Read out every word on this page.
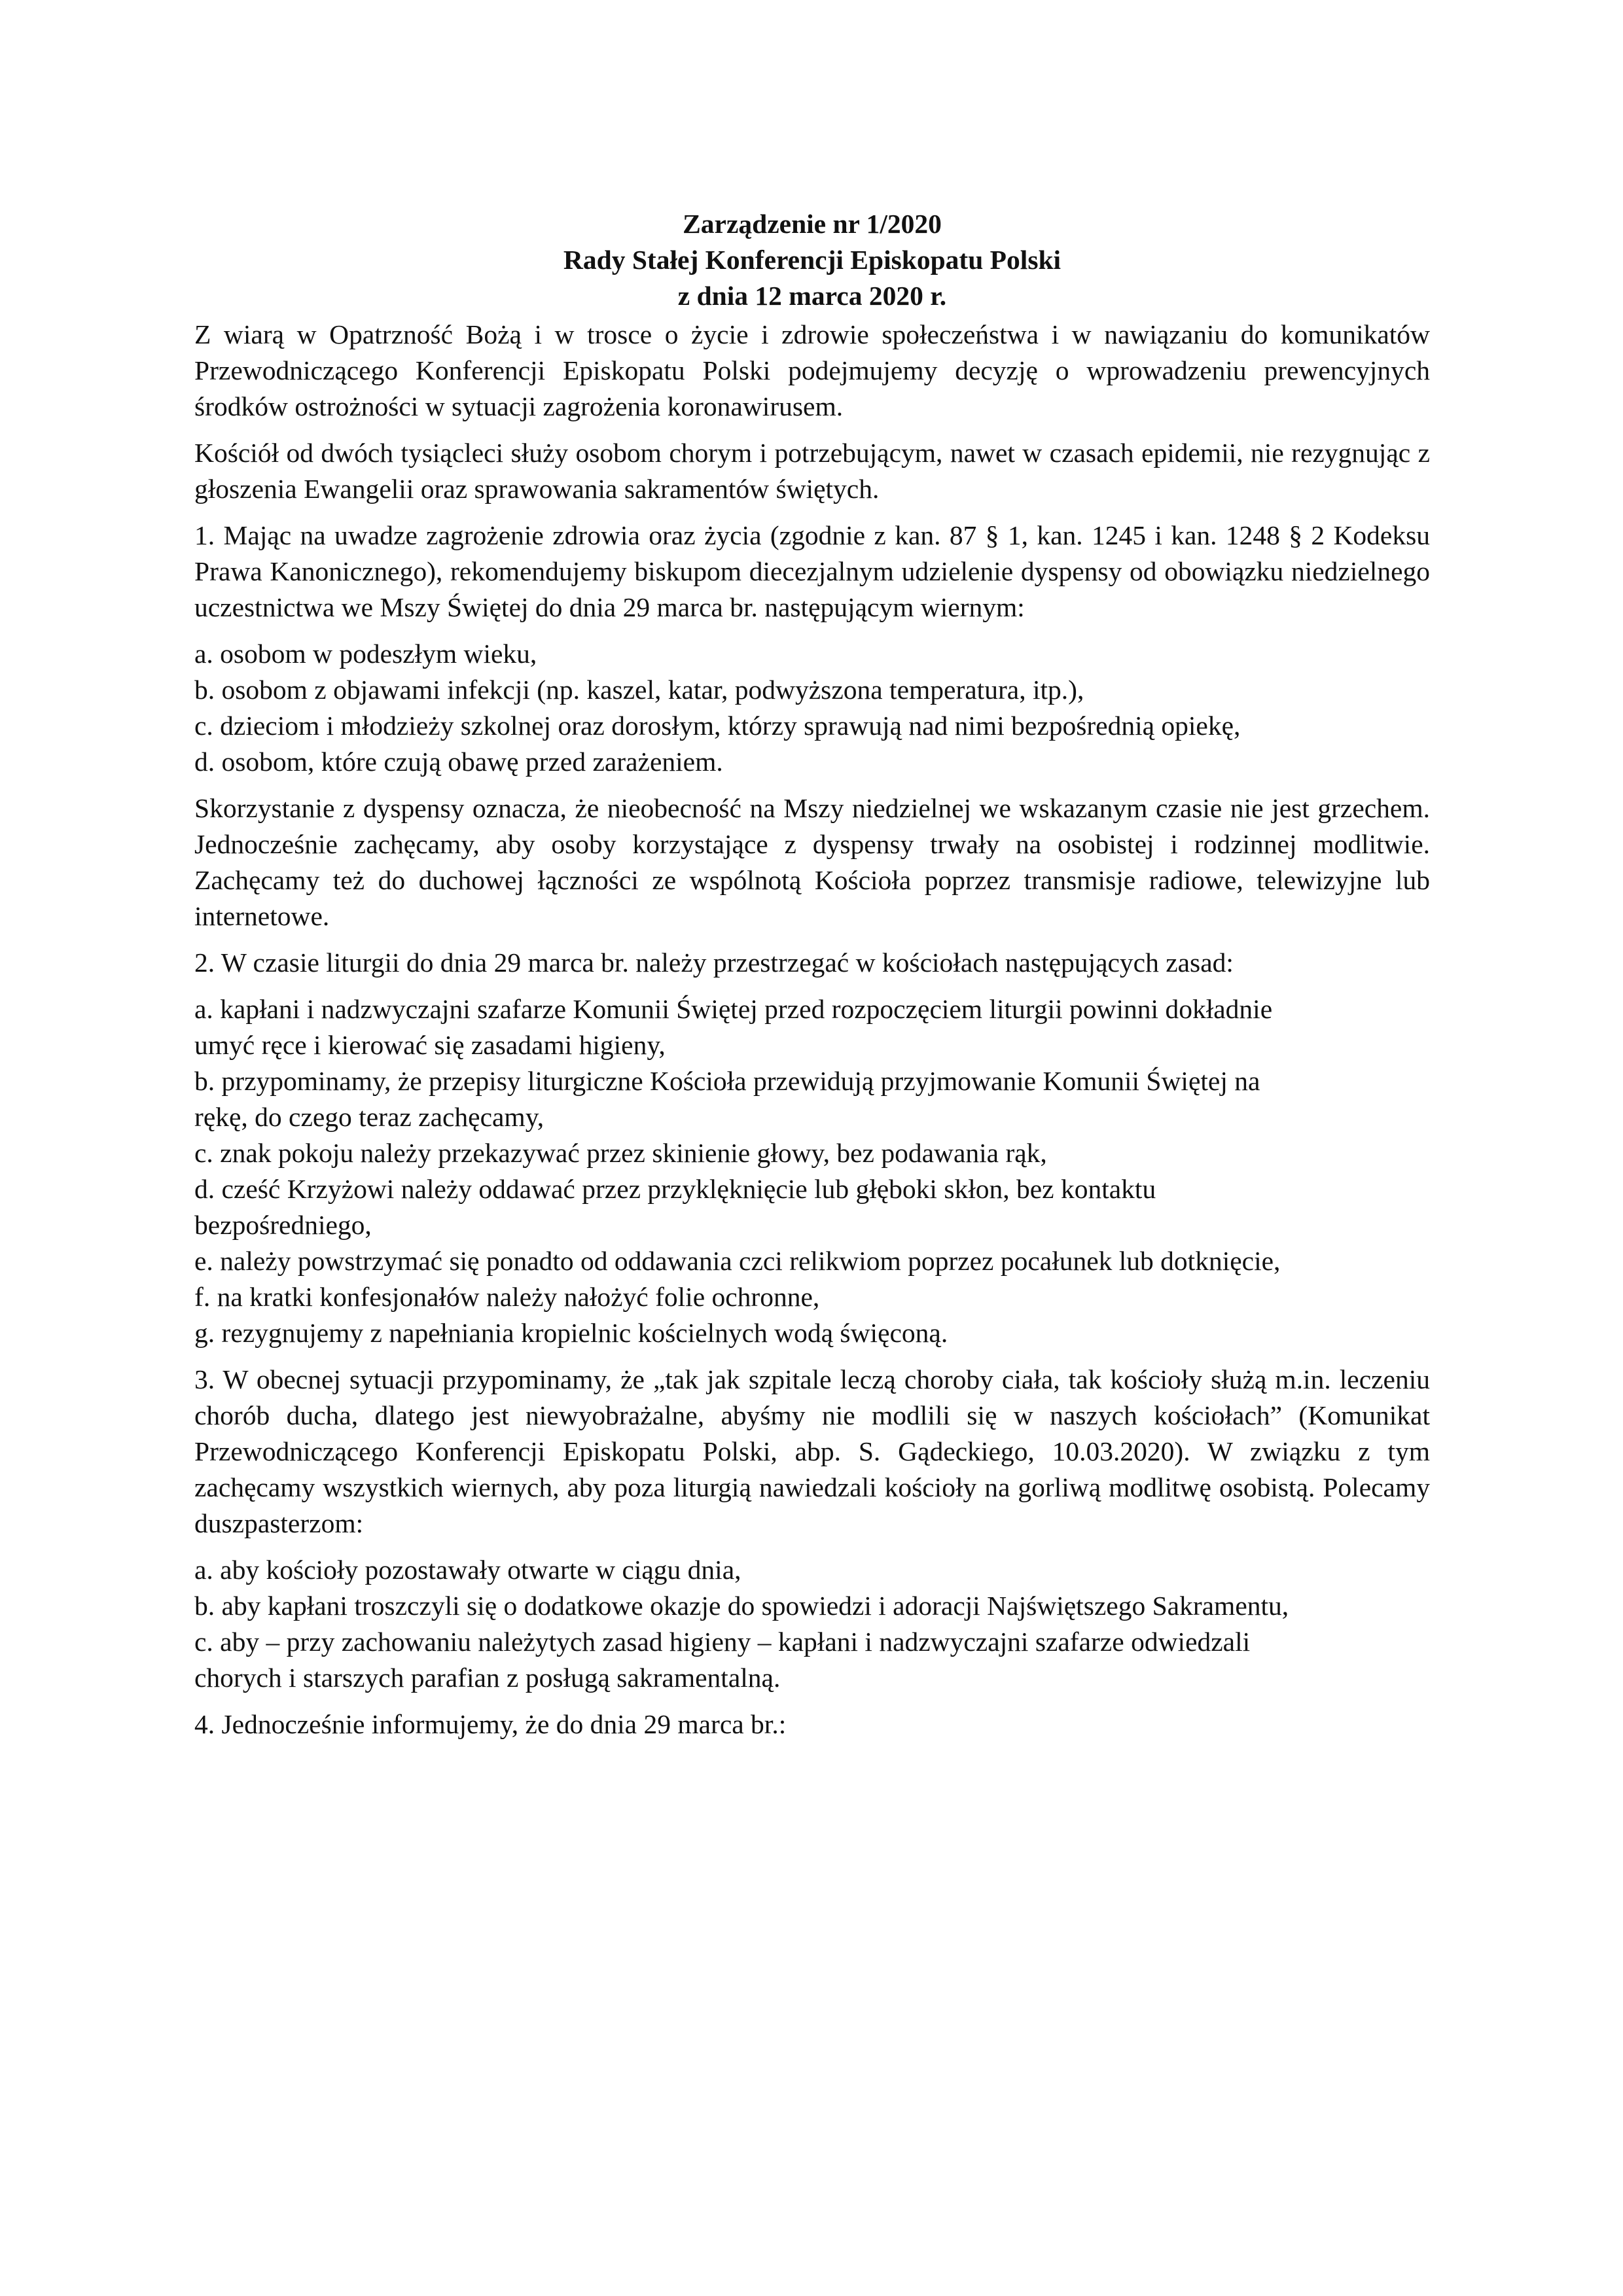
Zarządzenie nr 1/2020
Rady Stałej Konferencji Episkopatu Polski
z dnia 12 marca 2020 r.

Z wiarą w Opatrzność Bożą i w trosce o życie i zdrowie społeczeństwa i w nawiązaniu do komunikatów Przewodniczącego Konferencji Episkopatu Polski podejmujemy decyzję o wprowadzeniu prewencyjnych środków ostrożności w sytuacji zagrożenia koronawirusem.

Kościół od dwóch tysiącleci służy osobom chorym i potrzebującym, nawet w czasach epidemii, nie rezygnując z głoszenia Ewangelii oraz sprawowania sakramentów świętych.

1. Mając na uwadze zagrożenie zdrowia oraz życia (zgodnie z kan. 87 § 1, kan. 1245 i kan. 1248 § 2 Kodeksu Prawa Kanonicznego), rekomendujemy biskupom diecezjalnym udzielenie dyspensy od obowiązku niedzielnego uczestnictwa we Mszy Świętej do dnia 29 marca br. następującym wiernym:

a. osobom w podeszłym wieku,

b. osobom z objawami infekcji (np. kaszel, katar, podwyższona temperatura, itp.),

c. dzieciom i młodzieży szkolnej oraz dorosłym, którzy sprawują nad nimi bezpośrednią opiekę,

d. osobom, które czują obawę przed zarażeniem.

Skorzystanie z dyspensy oznacza, że nieobecność na Mszy niedzielnej we wskazanym czasie nie jest grzechem. Jednocześnie zachęcamy, aby osoby korzystające z dyspensy trwały na osobistej i rodzinnej modlitwie. Zachęcamy też do duchowej łączności ze wspólnotą Kościoła poprzez transmisje radiowe, telewizyjne lub internetowe.

2. W czasie liturgii do dnia 29 marca br. należy przestrzegać w kościołach następujących zasad:

a. kapłani i nadzwyczajni szafarze Komunii Świętej przed rozpoczęciem liturgii powinni dokładnie umyć ręce i kierować się zasadami higieny,

b. przypominamy, że przepisy liturgiczne Kościoła przewidują przyjmowanie Komunii Świętej na rękę, do czego teraz zachęcamy,

c. znak pokoju należy przekazywać przez skinienie głowy, bez podawania rąk,

d. cześć Krzyżowi należy oddawać przez przyklęknięcie lub głęboki skłon, bez kontaktu bezpośredniego,

e. należy powstrzymać się ponadto od oddawania czci relikwiom poprzez pocałunek lub dotknięcie,

f. na kratki konfesjonałów należy nałożyć folie ochronne,

g. rezygnujemy z napełniania kropielnic kościelnych wodą święconą.

3. W obecnej sytuacji przypominamy, że „tak jak szpitale leczą choroby ciała, tak kościoły służą m.in. leczeniu chorób ducha, dlatego jest niewyobrażalne, abyśmy nie modlili się w naszych kościołach” (Komunikat Przewodniczącego Konferencji Episkopatu Polski, abp. S. Gądeckiego, 10.03.2020). W związku z tym zachęcamy wszystkich wiernych, aby poza liturgią nawiedzali kościoły na gorliwą modlitwę osobistą. Polecamy duszpasterzom:

a. aby kościoły pozostawały otwarte w ciągu dnia,

b. aby kapłani troszczyli się o dodatkowe okazje do spowiedzi i adoracji Najświętszego Sakramentu,

c. aby – przy zachowaniu należytych zasad higieny – kapłani i nadzwyczajni szafarze odwiedzali chorych i starszych parafian z posługą sakramentalną.

4. Jednocześnie informujemy, że do dnia 29 marca br.:
